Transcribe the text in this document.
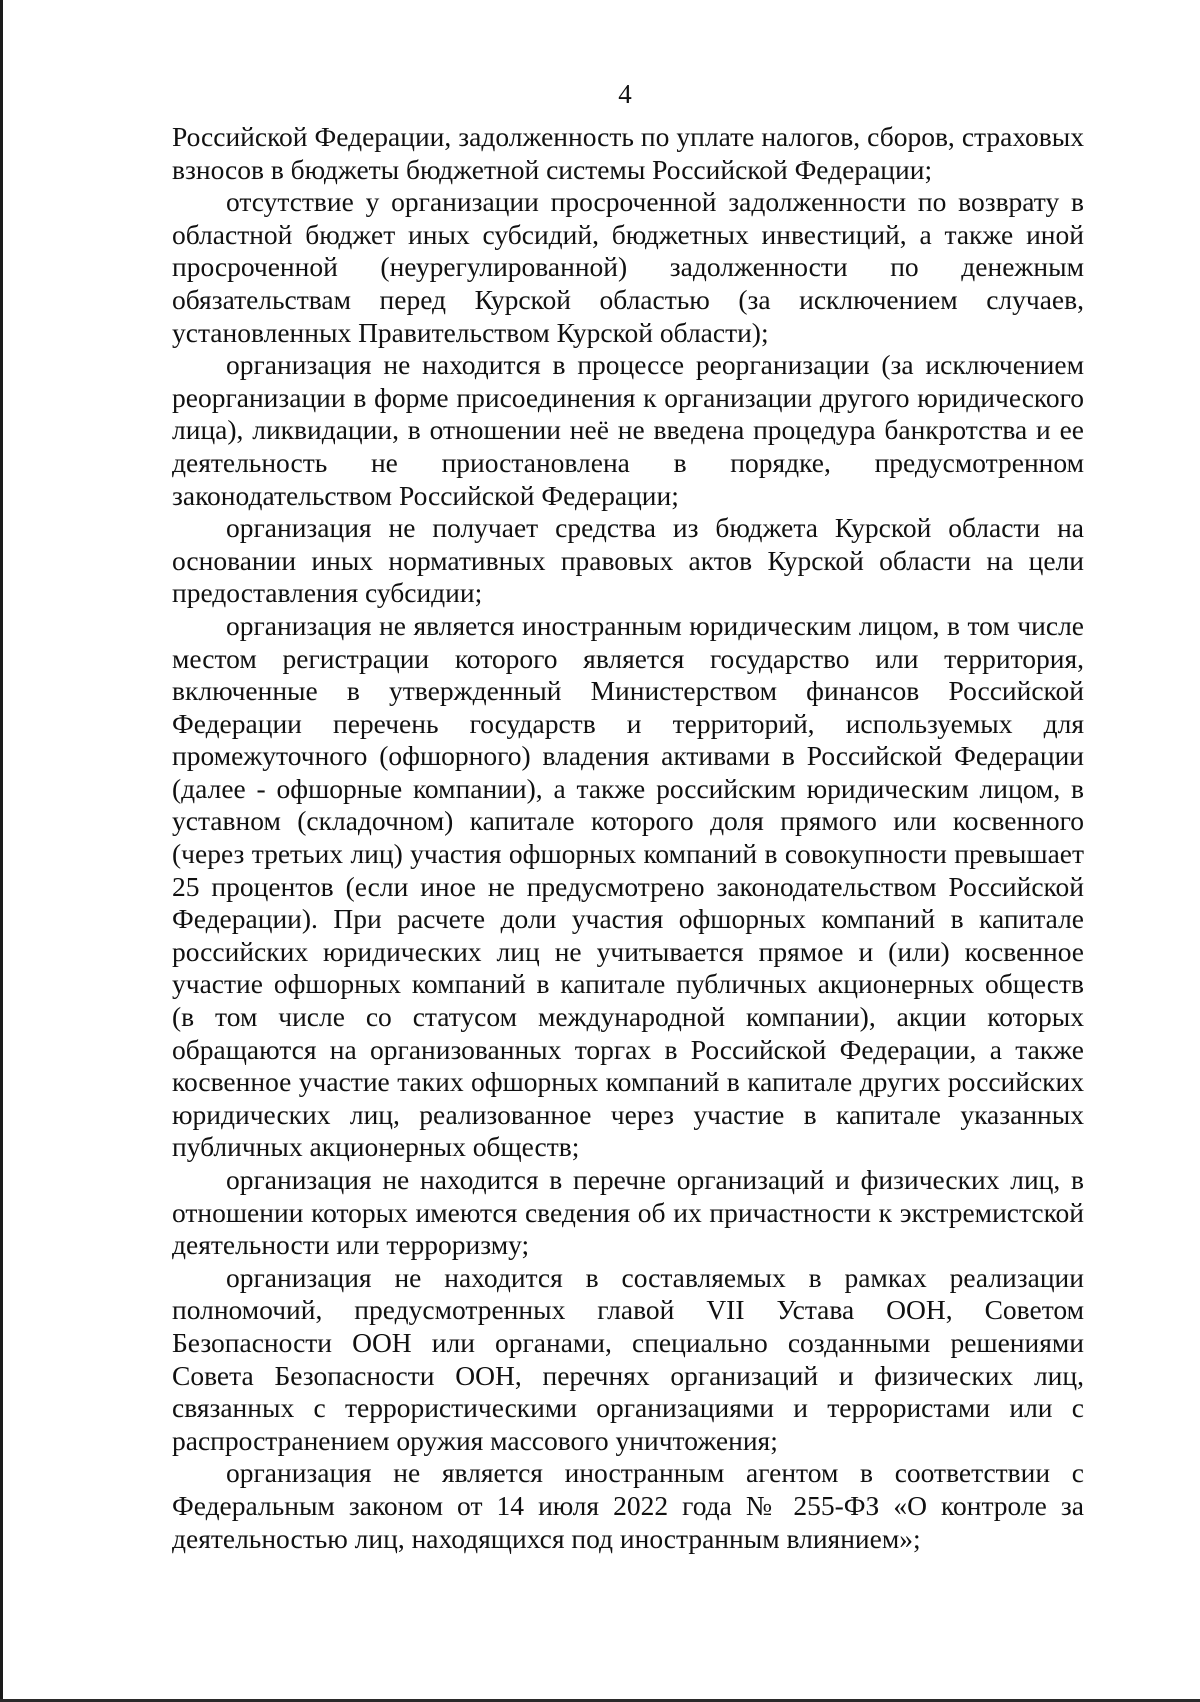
4

Российской Федерации, задолженность по уплате налогов, сборов, страховых взносов в бюджеты бюджетной системы Российской Федерации;

отсутствие у организации просроченной задолженности по возврату в областной бюджет иных субсидий, бюджетных инвестиций, а также иной просроченной (неурегулированной) задолженности по денежным обязательствам перед Курской областью (за исключением случаев, установленных Правительством Курской области);

организация не находится в процессе реорганизации (за исключением реорганизации в форме присоединения к организации другого юридического лица), ликвидации, в отношении неё не введена процедура банкротства и ее деятельность не приостановлена в порядке, предусмотренном законодательством Российской Федерации;

организация не получает средства из бюджета Курской области на основании иных нормативных правовых актов Курской области на цели предоставления субсидии;

организация не является иностранным юридическим лицом, в том числе местом регистрации которого является государство или территория, включенные в утвержденный Министерством финансов Российской Федерации перечень государств и территорий, используемых для промежуточного (офшорного) владения активами в Российской Федерации (далее - офшорные компании), а также российским юридическим лицом, в уставном (складочном) капитале которого доля прямого или косвенного (через третьих лиц) участия офшорных компаний в совокупности превышает 25 процентов (если иное не предусмотрено законодательством Российской Федерации). При расчете доли участия офшорных компаний в капитале российских юридических лиц не учитывается прямое и (или) косвенное участие офшорных компаний в капитале публичных акционерных обществ (в том числе со статусом международной компании), акции которых обращаются на организованных торгах в Российской Федерации, а также косвенное участие таких офшорных компаний в капитале других российских юридических лиц, реализованное через участие в капитале указанных публичных акционерных обществ;

организация не находится в перечне организаций и физических лиц, в отношении которых имеются сведения об их причастности к экстремистской деятельности или терроризму;

организация не находится в составляемых в рамках реализации полномочий, предусмотренных главой VII Устава ООН, Советом Безопасности ООН или органами, специально созданными решениями Совета Безопасности ООН, перечнях организаций и физических лиц, связанных с террористическими организациями и террористами или с распространением оружия массового уничтожения;

организация не является иностранным агентом в соответствии с Федеральным законом от 14 июля 2022 года № 255-ФЗ «О контроле за деятельностью лиц, находящихся под иностранным влиянием»;
